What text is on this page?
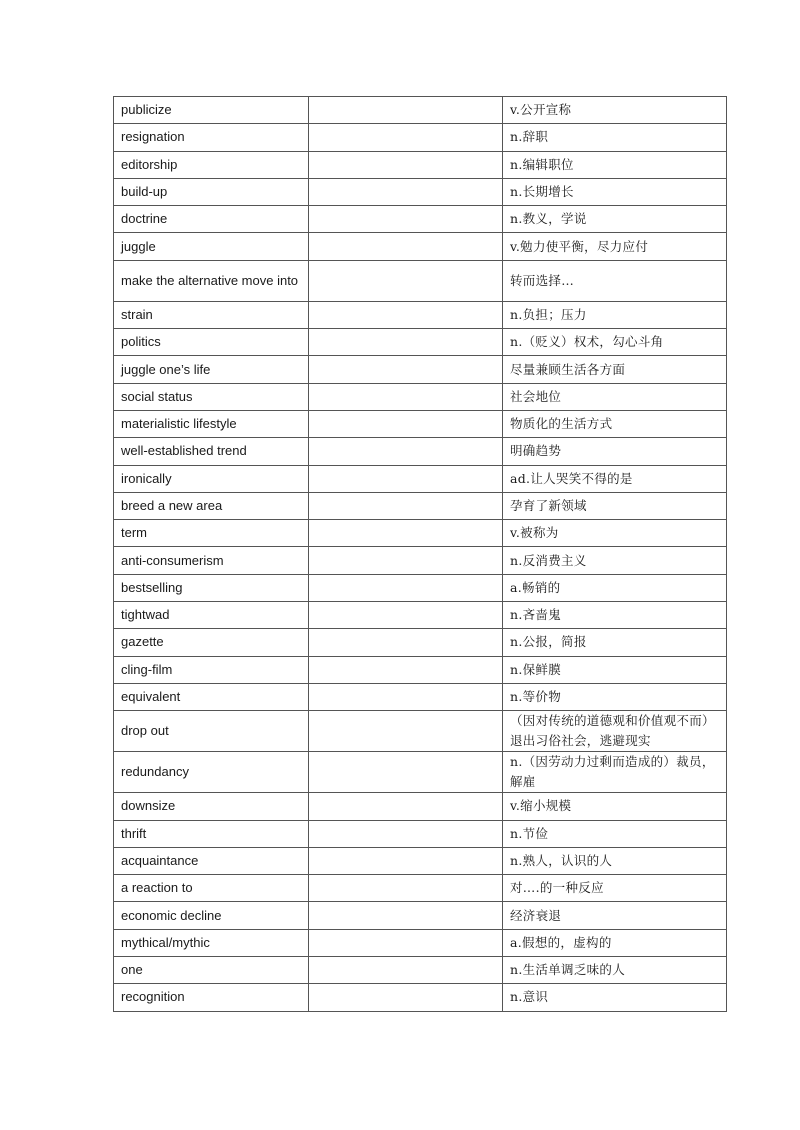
publicize		v.公开宣称
resignation		n.辞职
editorship		n.编辑职位
build-up		n.长期增长
doctrine		n.教义，学说
juggle		v.勉力使平衡，尽力应付
make the alternative move into		转而选择…
strain		n.负担；压力
politics		n.（贬义）权术，勾心斗角
juggle one’s life		尽量兼顾生活各方面
social status		社会地位
materialistic lifestyle		物质化的生活方式
well-established trend		明确趋势
ironically		ad.让人哭笑不得的是
breed a new area		孕育了新领域
term		v.被称为
anti-consumerism		n.反消费主义
bestselling		a.畅销的
tightwad		n.吝啬鬼
gazette		n.公报，简报
cling-film		n.保鲜膜
equivalent		n.等价物
drop out		（因对传统的道德观和价值观不而）退出习俗社会，逃避现实
redundancy		n.（因劳动力过剩而造成的）裁员，解雇
downsize		v.缩小规模
thrift		n.节俭
acquaintance		n.熟人，认识的人
a reaction to		对….的一种反应
economic decline		经济衰退
mythical/mythic		a.假想的，虚构的
one		n.生活单调乏味的人
recognition		n.意识
